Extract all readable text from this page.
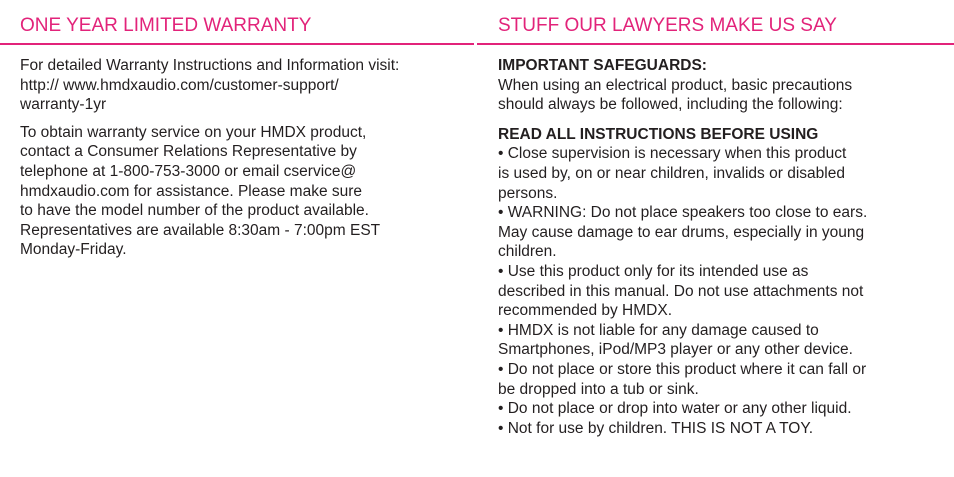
ONE YEAR LIMITED WARRANTY

For detailed Warranty Instructions and Information visit:
http:// www.hmdxaudio.com/customer-support/
warranty-1yr

To obtain warranty service on your HMDX product,
contact a Consumer Relations Representative by
telephone at 1-800-753-3000 or email cservice@
hmdxaudio.com for assistance. Please make sure
to have the model number of the product available.
Representatives are available 8:30am - 7:00pm EST
Monday-Friday.

STUFF OUR LAWYERS MAKE US SAY

IMPORTANT SAFEGUARDS:

When using an electrical product, basic precautions
should always be followed, including the following:

READ ALL INSTRUCTIONS BEFORE USING

• Close supervision is necessary when this product
is used by, on or near children, invalids or disabled
persons.

• WARNING: Do not place speakers too close to ears.
May cause damage to ear drums, especially in young
children.

• Use this product only for its intended use as
described in this manual. Do not use attachments not
recommended by HMDX.

• HMDX is not liable for any damage caused to
Smartphones, iPod/MP3 player or any other device.

• Do not place or store this product where it can fall or
be dropped into a tub or sink.

• Do not place or drop into water or any other liquid.

• Not for use by children. THIS IS NOT A TOY.
